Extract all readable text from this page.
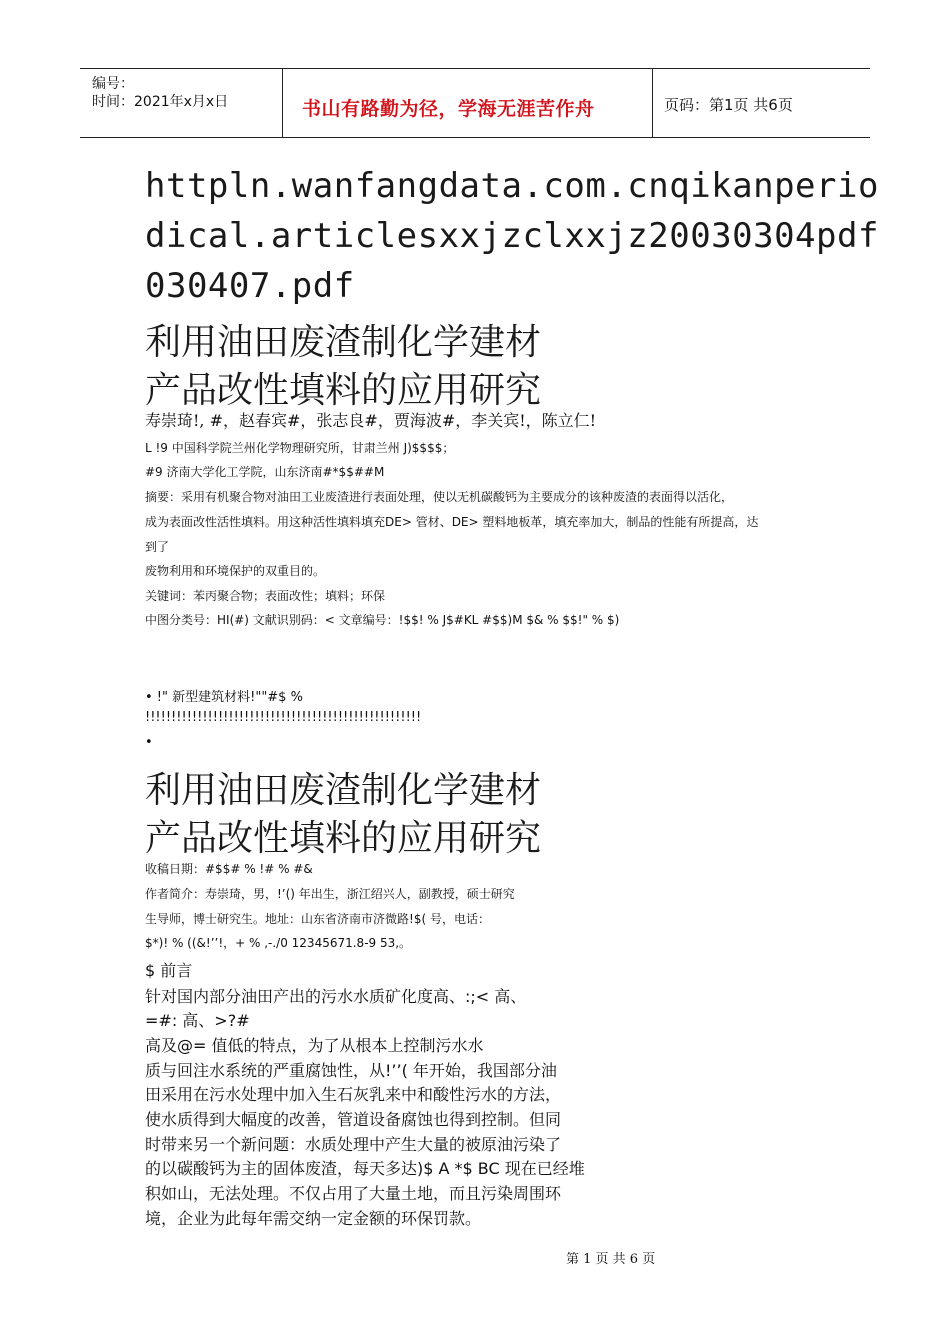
编号：
时间：2021年x月x日	书山有路勤为径，学海无涯苦作舟	页码：第1页 共6页
httpln.wanfangdata.com.cnqikanperio
dical.articlesxxjzclxxjz20030304pdf
030407.pdf
利用油田废渣制化学建材
产品改性填料的应用研究
寿崇琦!, #，赵春宾#，张志良#，贾海波#，李关宾!，陈立仁!
L !9 中国科学院兰州化学物理研究所，甘肃兰州 J)$$$$；
#9 济南大学化工学院，山东济南#*$$##M
摘要：采用有机聚合物对油田工业废渣进行表面处理，使以无机碳酸钙为主要成分的该种废渣的表面得以活化，
成为表面改性活性填料。用这种活性填料填充DE> 管材、DE> 塑料地板革，填充率加大，制品的性能有所提高，达
到了
废物利用和环境保护的双重目的。
关键词：苯丙聚合物；表面改性；填料；环保
中图分类号：HI(#) 文献识别码：< 文章编号：!$$! % J$#KL #$$)M $& % $$!" % $)
• !" 新型建筑材料!""#$ %
!!!!!!!!!!!!!!!!!!!!!!!!!!!!!!!!!!!!!!!!!!!!!!!!!!!!!
•
利用油田废渣制化学建材
产品改性填料的应用研究
收稿日期：#$$# % !# % #&
作者简介：寿崇琦，男，!’() 年出生，浙江绍兴人，副教授，硕士研究
生导师，博士研究生。地址：山东省济南市济微路!$( 号，电话：
$*)! % ((&!’’!，+ % ,-./0 12345671.8-9 53,。
$ 前言
针对国内部分油田产出的污水水质矿化度高、:;< 高、
=#: 高、>?#
高及@= 值低的特点，为了从根本上控制污水水
质与回注水系统的严重腐蚀性，从!’’( 年开始，我国部分油
田采用在污水处理中加入生石灰乳来中和酸性污水的方法，
使水质得到大幅度的改善，管道设备腐蚀也得到控制。但同
时带来另一个新问题：水质处理中产生大量的被原油污染了
的以碳酸钙为主的固体废渣，每天多达)$ A *$ BC 现在已经堆
积如山，无法处理。不仅占用了大量土地，而且污染周围环
境，企业为此每年需交纳一定金额的环保罚款。
第 1 页 共 6 页
